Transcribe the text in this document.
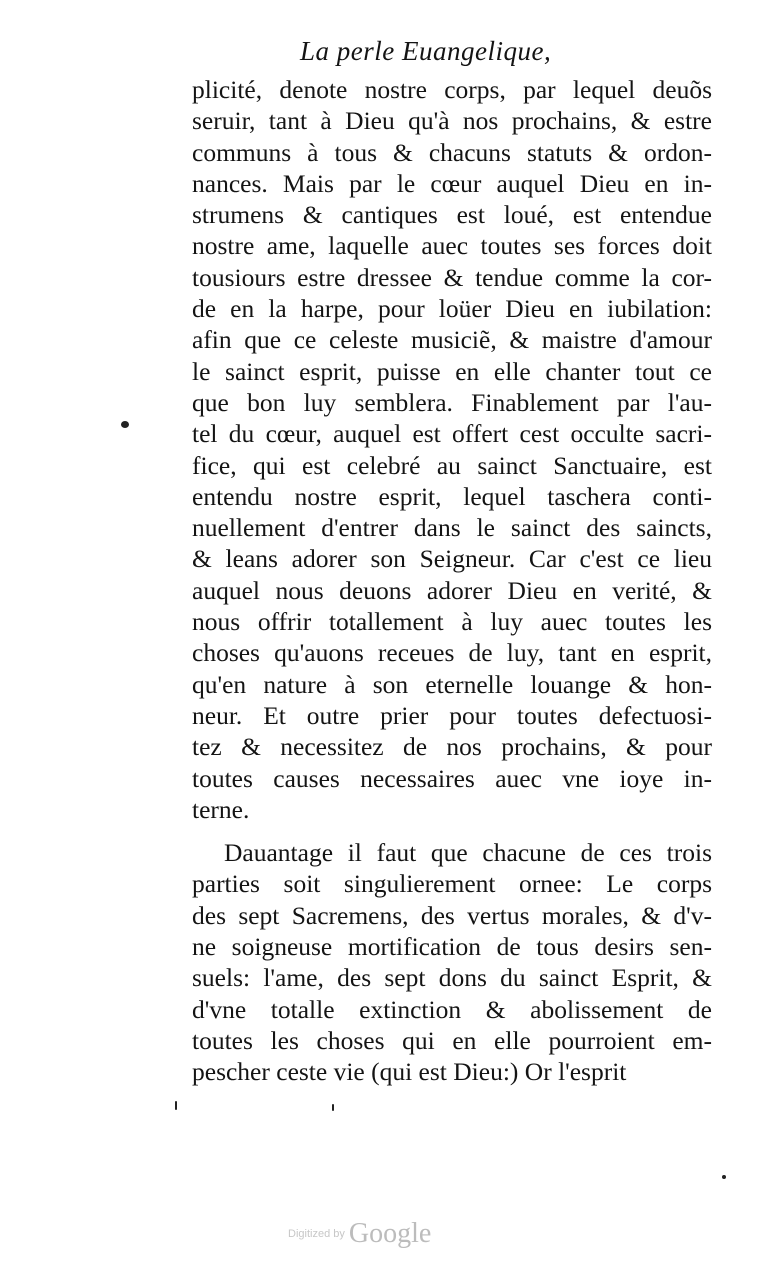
La perle Euangelique,
plicité, denote nostre corps, par lequel deuõs
seruir, tant à Dieu qu'à nos prochains, & estre
communs à tous & chacuns statuts & ordon-
nances. Mais par le cœur auquel Dieu en in-
strumens & cantiques est loué, est entendue
nostre ame, laquelle auec toutes ses forces doit
tousiours estre dressee & tendue comme la cor-
de en la harpe, pour loüer Dieu en iubilation:
afin que ce celeste musiciẽ, & maistre d'amour
le sainct esprit, puisse en elle chanter tout ce
que bon luy semblera. Finablement par l'au-
tel du cœur, auquel est offert cest occulte sacri-
fice, qui est celebré au sainct Sanctuaire, est
entendu nostre esprit, lequel taschera conti-
nuellement d'entrer dans le sainct des saincts,
& leans adorer son Seigneur. Car c'est ce lieu
auquel nous deuons adorer Dieu en verité, &
nous offrir totallement à luy auec toutes les
choses qu'auons receues de luy, tant en esprit,
qu'en nature à son eternelle louange & hon-
neur. Et outre prier pour toutes defectuosi-
tez & necessitez de nos prochains, & pour
toutes causes necessaires auec vne ioye in-
terne.
Dauantage il faut que chacune de ces trois
parties soit singulierement ornee: Le corps
des sept Sacremens, des vertus morales, & d'v-
ne soigneuse mortification de tous desirs sen-
suels: l'ame, des sept dons du sainct Esprit, &
d'vne totalle extinction & abolissement de
toutes les choses qui en elle pourroient em-
pescher ceste vie (qui est Dieu:) Or l'esprit
Digitized by Google
